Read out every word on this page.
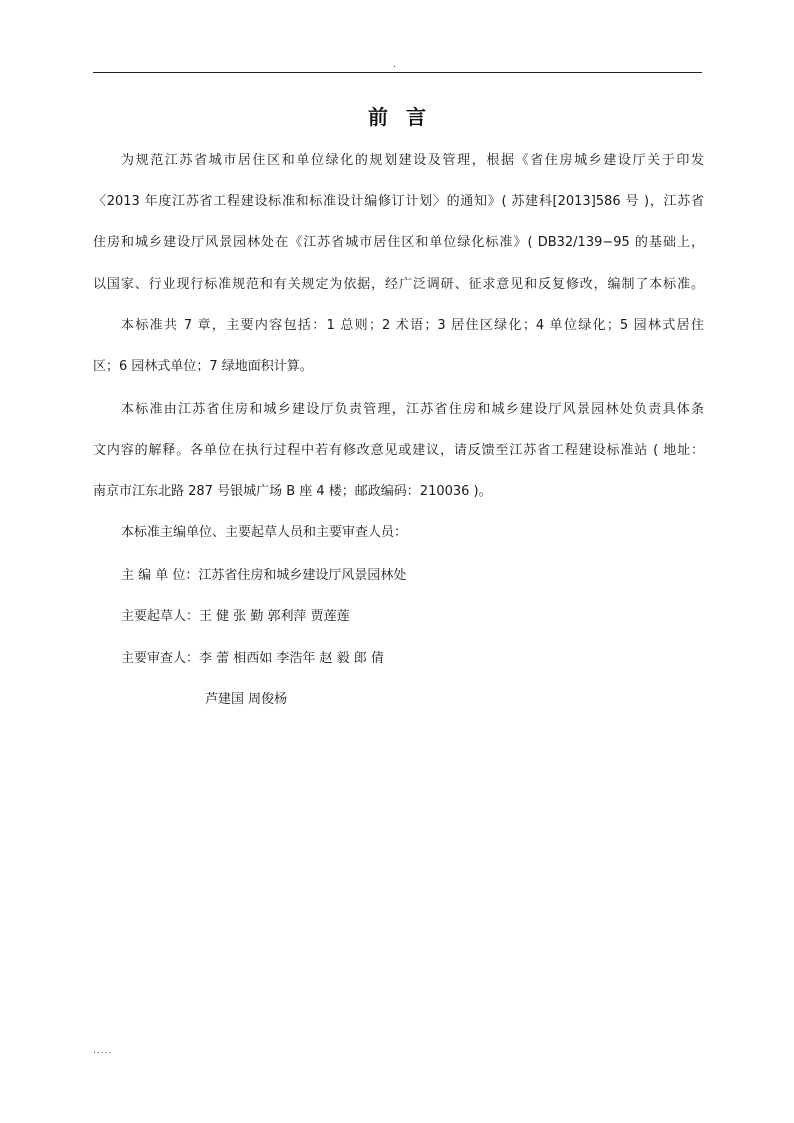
.
前言
为规范江苏省城市居住区和单位绿化的规划建设及管理，根据《省住房城乡建设厅关于印发
〈2013 年度江苏省工程建设标准和标准设计编修订计划〉的通知》( 苏建科[2013]586 号 )，江苏省
住房和城乡建设厅风景园林处在《江苏省城市居住区和单位绿化标准》( DB32/139−95 的基础上，
以国家、行业现行标准规范和有关规定为依据，经广泛调研、征求意见和反复修改，编制了本标准。
本标准共 7 章，主要内容包括：1 总则；2 术语；3 居住区绿化；4 单位绿化；5 园林式居住
区；6 园林式单位；7 绿地面积计算。
本标准由江苏省住房和城乡建设厅负责管理，江苏省住房和城乡建设厅风景园林处负责具体条
文内容的解释。各单位在执行过程中若有修改意见或建议，请反馈至江苏省工程建设标准站 ( 地址：
南京市江东北路 287 号银城广场 B 座 4 楼；邮政编码：210036 )。
本标准主编单位、主要起草人员和主要审查人员：
主 编 单 位：江苏省住房和城乡建设厅风景园林处
主要起草人：王 健 张 勤 郭利萍 贾莲莲
主要审查人：李 蕾 相西如 李浩年 赵 毅 郎 倩
芦建国 周俊杨
.....
